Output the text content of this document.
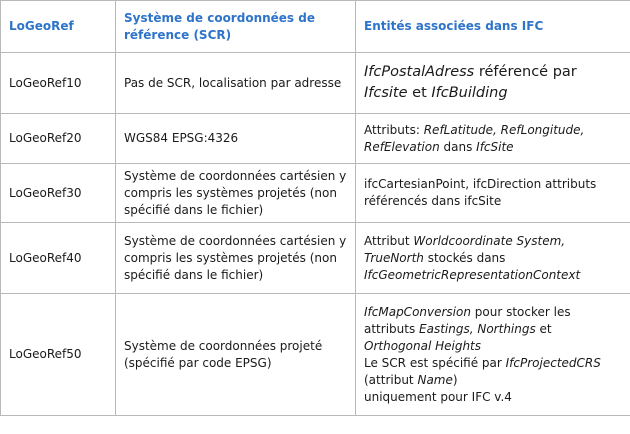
LoGeoRef	Système de coordonnées de référence (SCR)	Entités associées dans IFC
LoGeoRef10	Pas de SCR, localisation par adresse	IfcPostalAdress référencé par Ifcsite et IfcBuilding
LoGeoRef20	WGS84 EPSG:4326	Attributs: RefLatitude, RefLongitude, RefElevation dans IfcSite
LoGeoRef30	Système de coordonnées cartésien y compris les systèmes projetés (non spécifié dans le fichier)	ifcCartesianPoint, ifcDirection attributs référencés dans ifcSite
LoGeoRef40	Système de coordonnées cartésien y compris les systèmes projetés (non spécifié dans le fichier)	Attribut Worldcoordinate System, TrueNorth stockés dans IfcGeometricRepresentationContext
LoGeoRef50	Système de coordonnées projeté (spécifié par code EPSG)	IfcMapConversion pour stocker les attributs Eastings, Northings et Orthogonal Heights
Le SCR est spécifié par IfcProjectedCRS
(attribut Name)
uniquement pour IFC v.4
